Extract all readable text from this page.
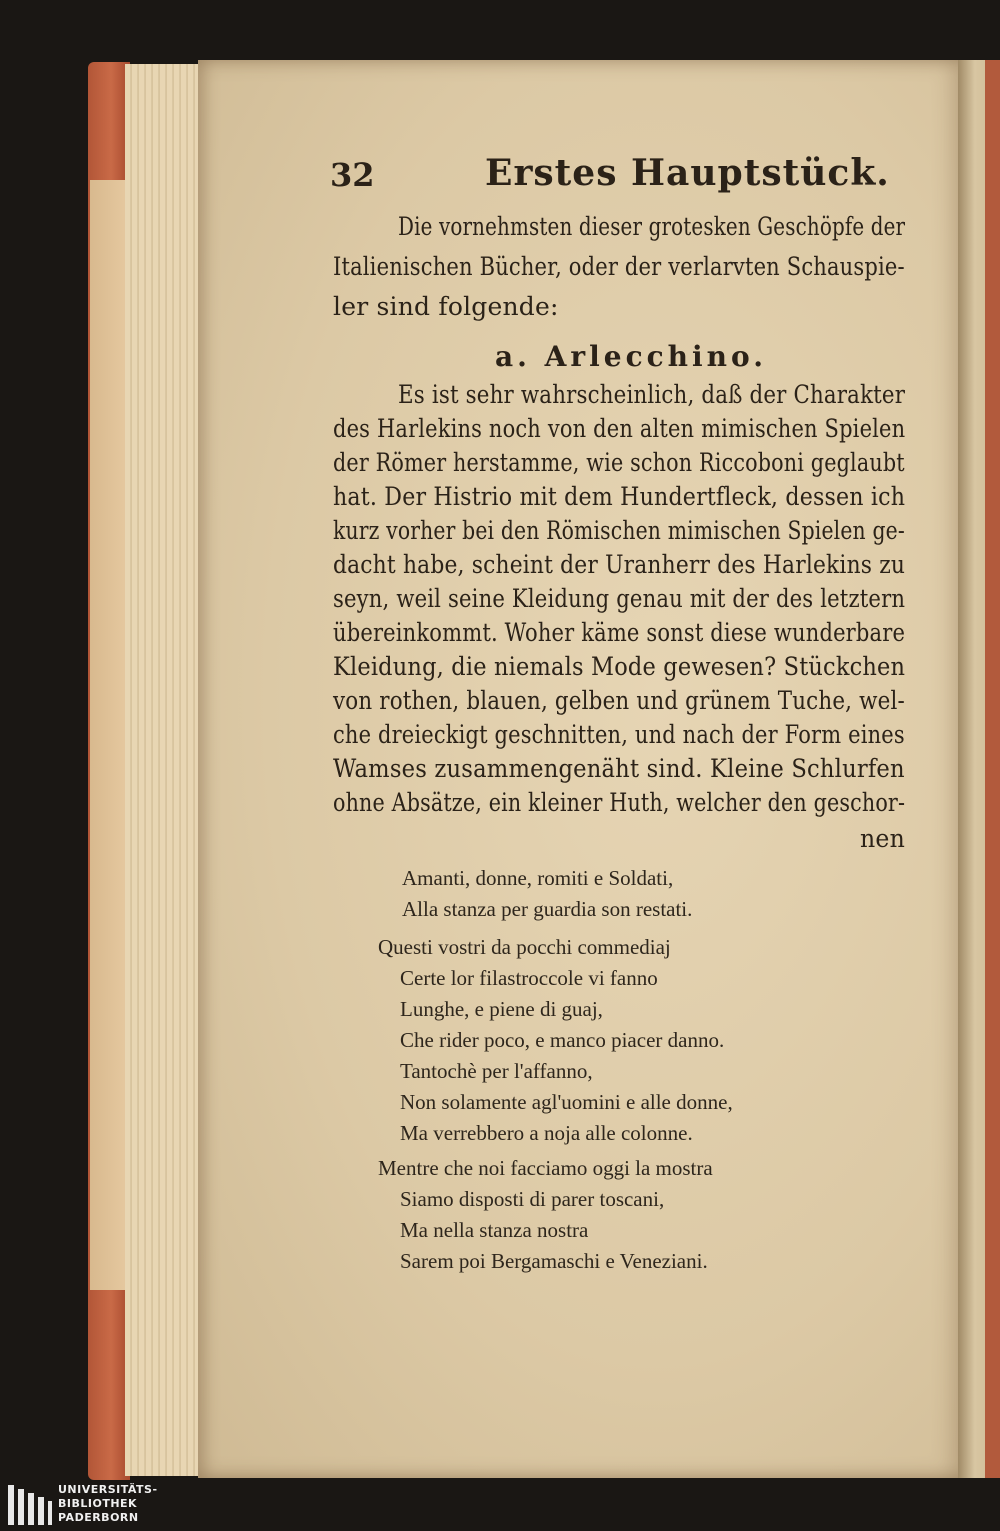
32	Erstes Hauptstück.
Die vornehmsten dieser grotesken Geschöpfe der
Italienischen Bücher, oder der verlarvten Schauspie-
ler sind folgende:
a. Arlecchino.
Es ist sehr wahrscheinlich, daß der Charakter
des Harlekins noch von den alten mimischen Spielen
der Römer herstamme, wie schon Riccoboni geglaubt
hat. Der Histrio mit dem Hundertfleck, dessen ich
kurz vorher bei den Römischen mimischen Spielen ge-
dacht habe, scheint der Uranherr des Harlekins zu
seyn, weil seine Kleidung genau mit der des letztern
übereinkommt. Woher käme sonst diese wunderbare
Kleidung, die niemals Mode gewesen? Stückchen
von rothen, blauen, gelben und grünem Tuche, wel-
che dreieckigt geschnitten, und nach der Form eines
Wamses zusammengenäht sind. Kleine Schlurfen
ohne Absätze, ein kleiner Huth, welcher den geschor-
nen
Amanti, donne, romiti e Soldati,
Alla stanza per guardia son restati.
Questi vostri da pocchi commediaj
Certe lor filastroccole vi fanno
Lunghe, e piene di guaj,
Che rider poco, e manco piacer danno.
Tantochè per l'affanno,
Non solamente agl'uomini e alle donne,
Ma verrebbero a noja alle colonne.
Mentre che noi facciamo oggi la mostra
Siamo disposti di parer toscani,
Ma nella stanza nostra
Sarem poi Bergamaschi e Veneziani.
UNIVERSITÄTS-
BIBLIOTHEK
PADERBORN
